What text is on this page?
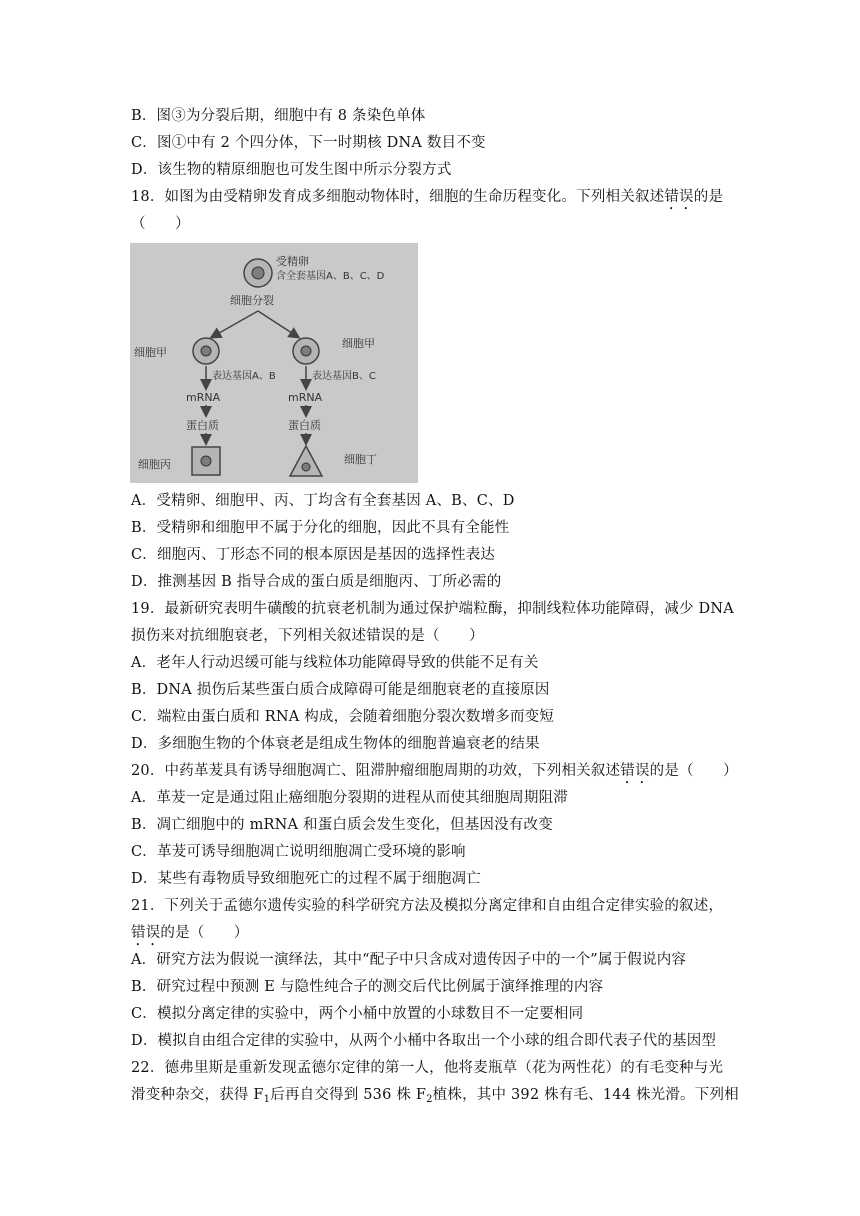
B．图③为分裂后期，细胞中有 8 条染色单体
C．图①中有 2 个四分体，下一时期核 DNA 数目不变
D．该生物的精原细胞也可发生图中所示分裂方式
18．如图为由受精卵发育成多细胞动物体时，细胞的生命历程变化。下列相关叙述错误的是
（　　）
受精卵
含全套基因A、B、C、D
细胞分裂
细胞甲
细胞甲
表达基因A、B	表达基因B、C
mRNA	mRNA
蛋白质	蛋白质
细胞丙	细胞丁
A．受精卵、细胞甲、丙、丁均含有全套基因 A、B、C、D
B．受精卵和细胞甲不属于分化的细胞，因此不具有全能性
C．细胞丙、丁形态不同的根本原因是基因的选择性表达
D．推测基因 B 指导合成的蛋白质是细胞丙、丁所必需的
19．最新研究表明牛磺酸的抗衰老机制为通过保护端粒酶，抑制线粒体功能障碍，减少 DNA
损伤来对抗细胞衰老，下列相关叙述错误的是（　　）
A．老年人行动迟缓可能与线粒体功能障碍导致的供能不足有关
B．DNA 损伤后某些蛋白质合成障碍可能是细胞衰老的直接原因
C．端粒由蛋白质和 RNA 构成，会随着细胞分裂次数增多而变短
D．多细胞生物的个体衰老是组成生物体的细胞普遍衰老的结果
20．中药革茇具有诱导细胞凋亡、阻滞肿瘤细胞周期的功效，下列相关叙述错误的是（　　）
A．革茇一定是通过阻止癌细胞分裂期的进程从而使其细胞周期阻滞
B．凋亡细胞中的 mRNA 和蛋白质会发生变化，但基因没有改变
C．革茇可诱导细胞凋亡说明细胞凋亡受环境的影响
D．某些有毒物质导致细胞死亡的过程不属于细胞凋亡
21．下列关于孟德尔遗传实验的科学研究方法及模拟分离定律和自由组合定律实验的叙述，
错误的是（　　）
A．研究方法为假说一演绎法，其中“配子中只含成对遗传因子中的一个”属于假说内容
B．研究过程中预测 E 与隐性纯合子的测交后代比例属于演绎推理的内容
C．模拟分离定律的实验中，两个小桶中放置的小球数目不一定要相同
D．模拟自由组合定律的实验中，从两个小桶中各取出一个小球的组合即代表子代的基因型
22．德弗里斯是重新发现孟德尔定律的第一人，他将麦瓶草（花为两性花）的有毛变种与光
滑变种杂交，获得 $F_1$后再自交得到 536 株 $F_2$植株，其中 392 株有毛、144 株光滑。下列相
